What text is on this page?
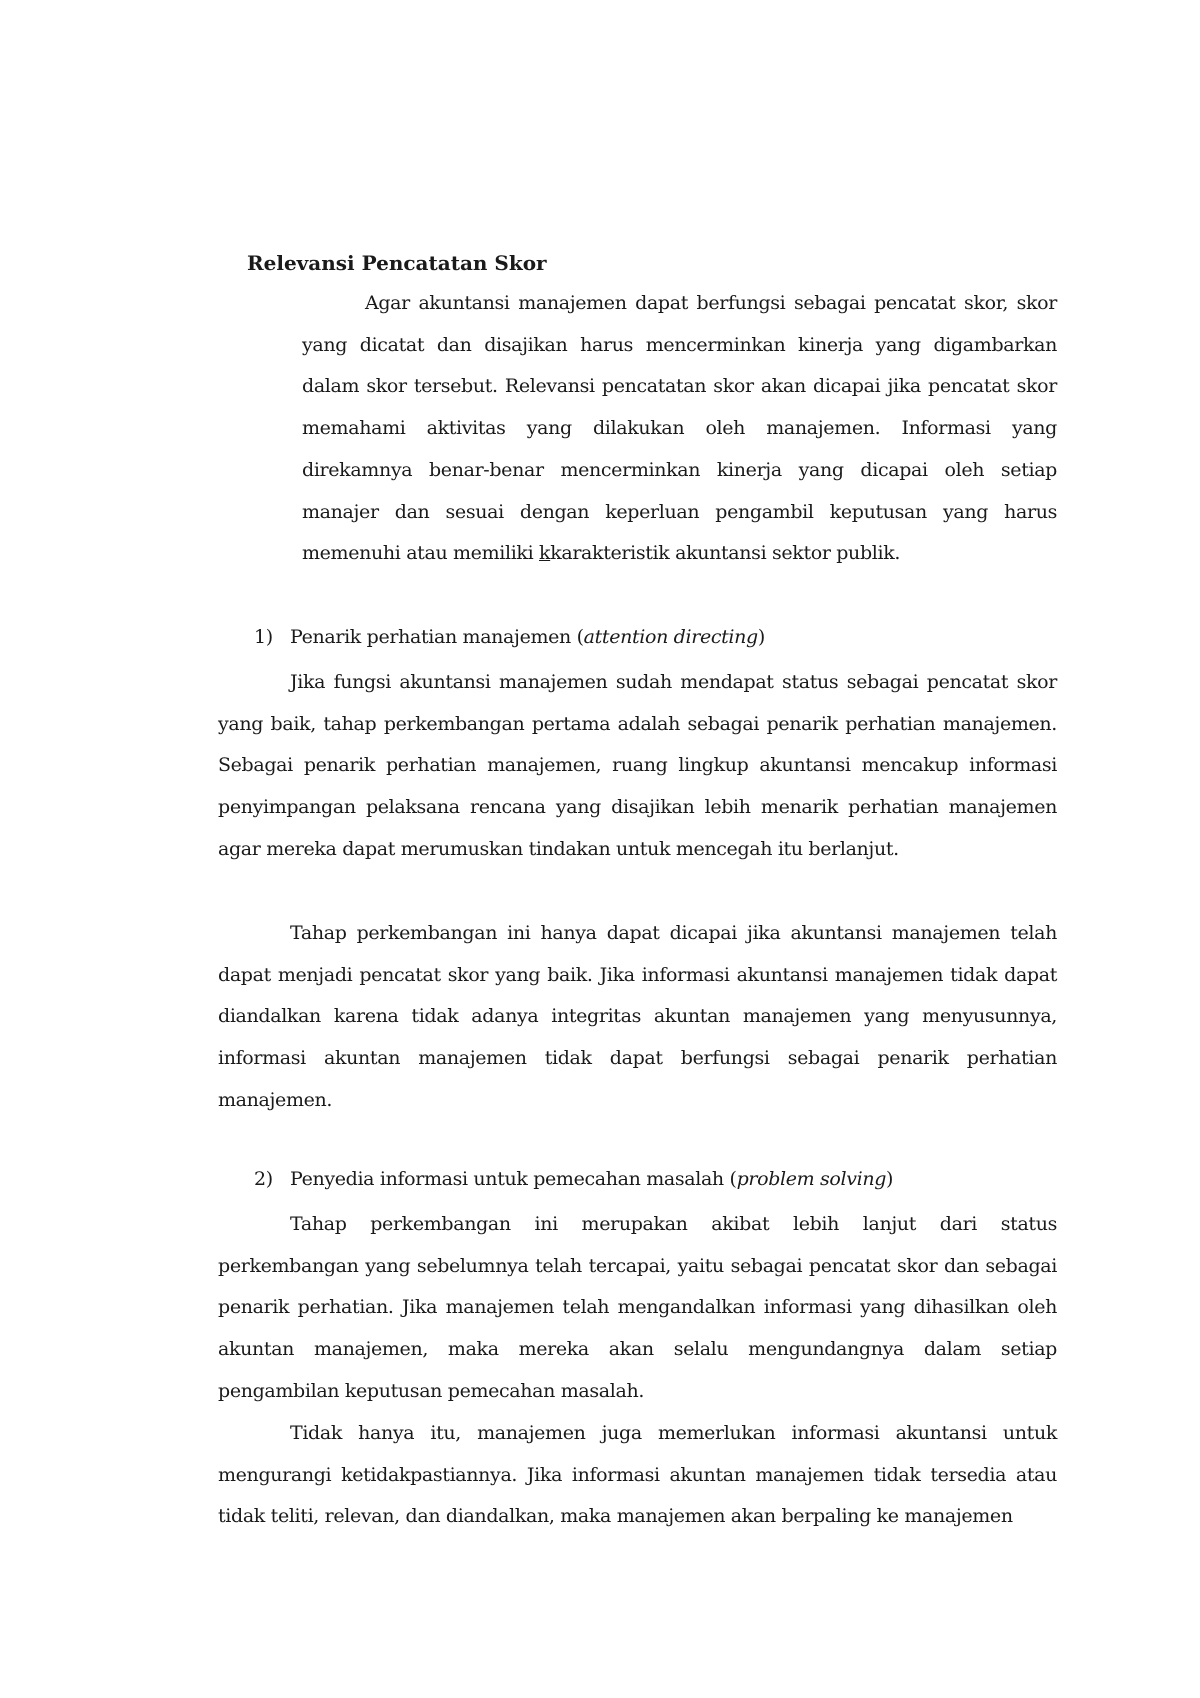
Relevansi Pencatatan Skor

Agar akuntansi manajemen dapat berfungsi sebagai pencatat skor, skor yang dicatat dan disajikan harus mencerminkan kinerja yang digambarkan dalam skor tersebut. Relevansi pencatatan skor akan dicapai jika pencatat skor memahami aktivitas yang dilakukan oleh manajemen. Informasi yang direkamnya benar-benar mencerminkan kinerja yang dicapai oleh setiap manajer dan sesuai dengan keperluan pengambil keputusan yang harus memenuhi atau memiliki kkarakteristik akuntansi sektor publik.

1) Penarik perhatian manajemen (attention directing)

Jika fungsi akuntansi manajemen sudah mendapat status sebagai pencatat skor yang baik, tahap perkembangan pertama adalah sebagai penarik perhatian manajemen. Sebagai penarik perhatian manajemen, ruang lingkup akuntansi mencakup informasi penyimpangan pelaksana rencana yang disajikan lebih menarik perhatian manajemen agar mereka dapat merumuskan tindakan untuk mencegah itu berlanjut.

Tahap perkembangan ini hanya dapat dicapai jika akuntansi manajemen telah dapat menjadi pencatat skor yang baik. Jika informasi akuntansi manajemen tidak dapat diandalkan karena tidak adanya integritas akuntan manajemen yang menyusunnya, informasi akuntan manajemen tidak dapat berfungsi sebagai penarik perhatian manajemen.

2) Penyedia informasi untuk pemecahan masalah (problem solving)

Tahap perkembangan ini merupakan akibat lebih lanjut dari status perkembangan yang sebelumnya telah tercapai, yaitu sebagai pencatat skor dan sebagai penarik perhatian. Jika manajemen telah mengandalkan informasi yang dihasilkan oleh akuntan manajemen, maka mereka akan selalu mengundangnya dalam setiap pengambilan keputusan pemecahan masalah.

Tidak hanya itu, manajemen juga memerlukan informasi akuntansi untuk mengurangi ketidakpastiannya. Jika informasi akuntan manajemen tidak tersedia atau tidak teliti, relevan, dan diandalkan, maka manajemen akan berpaling ke manajemen
